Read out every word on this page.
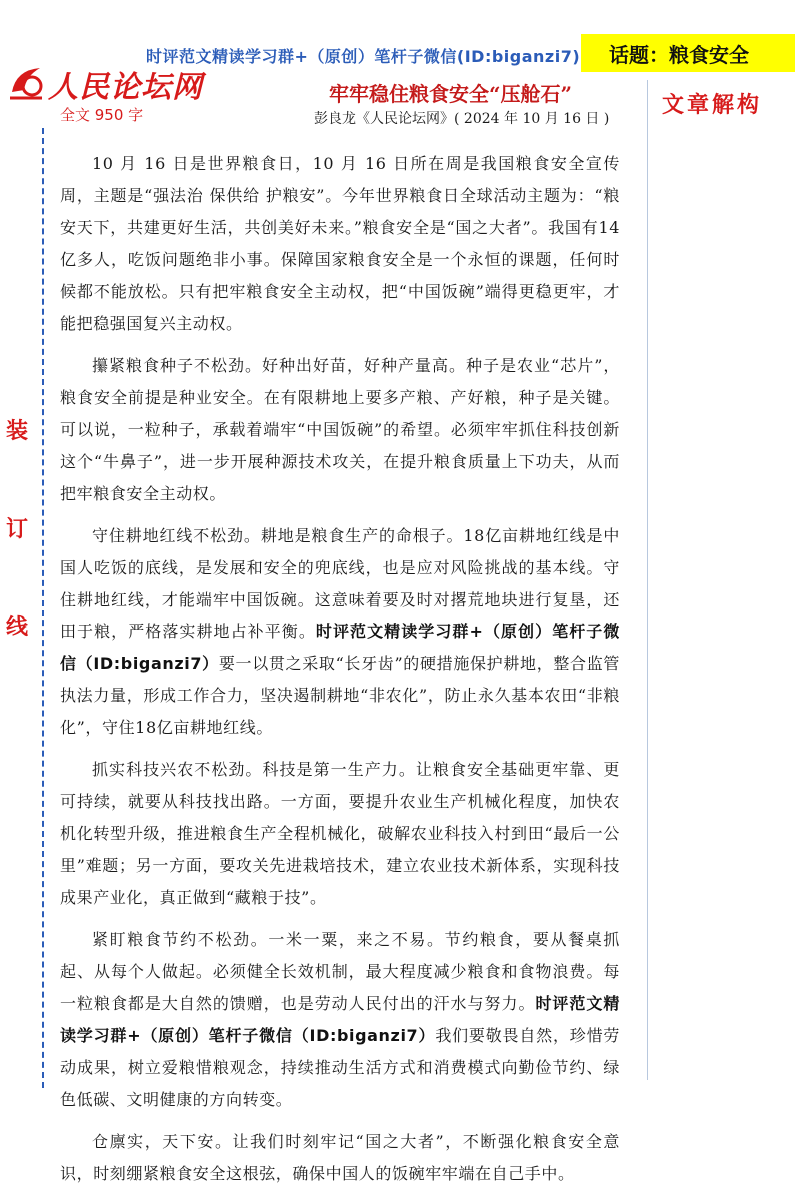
时评范文精读学习群+（原创）笔杆子微信(ID:biganzi7)	话题：粮食安全
人民论坛网
全文 950 字	文章解构
牢牢稳住粮食安全“压舱石”
彭良龙《人民论坛网》( 2024 年 10 月 16 日 )
装
订
线

10 月 16 日是世界粮食日，10 月 16 日所在周是我国粮食安全宣传周，主题是“强法治 保供给 护粮安”。今年世界粮食日全球活动主题为：“粮安天下，共建更好生活，共创美好未来。”粮食安全是“国之大者”。我国有14亿多人，吃饭问题绝非小事。保障国家粮食安全是一个永恒的课题，任何时候都不能放松。只有把牢粮食安全主动权，把“中国饭碗”端得更稳更牢，才能把稳强国复兴主动权。

攥紧粮食种子不松劲。好种出好苗，好种产量高。种子是农业“芯片”，粮食安全前提是种业安全。在有限耕地上要多产粮、产好粮，种子是关键。可以说，一粒种子，承载着端牢“中国饭碗”的希望。必须牢牢抓住科技创新这个“牛鼻子”，进一步开展种源技术攻关，在提升粮食质量上下功夫，从而把牢粮食安全主动权。

守住耕地红线不松劲。耕地是粮食生产的命根子。18亿亩耕地红线是中国人吃饭的底线，是发展和安全的兜底线，也是应对风险挑战的基本线。守住耕地红线，才能端牢中国饭碗。这意味着要及时对撂荒地块进行复垦，还田于粮，严格落实耕地占补平衡。时评范文精读学习群+（原创）笔杆子微信（ID:biganzi7）要一以贯之采取“长牙齿”的硬措施保护耕地，整合监管执法力量，形成工作合力，坚决遏制耕地“非农化”，防止永久基本农田“非粮化”，守住18亿亩耕地红线。

抓实科技兴农不松劲。科技是第一生产力。让粮食安全基础更牢靠、更可持续，就要从科技找出路。一方面，要提升农业生产机械化程度，加快农机化转型升级，推进粮食生产全程机械化，破解农业科技入村到田“最后一公里”难题；另一方面，要攻关先进栽培技术，建立农业技术新体系，实现科技成果产业化，真正做到“藏粮于技”。

紧盯粮食节约不松劲。一米一粟，来之不易。节约粮食，要从餐桌抓起、从每个人做起。必须健全长效机制，最大程度减少粮食和食物浪费。每一粒粮食都是大自然的馈赠，也是劳动人民付出的汗水与努力。时评范文精读学习群+（原创）笔杆子微信（ID:biganzi7）我们要敬畏自然，珍惜劳动成果，树立爱粮惜粮观念，持续推动生活方式和消费模式向勤俭节约、绿色低碳、文明健康的方向转变。

仓廪实，天下安。让我们时刻牢记“国之大者”，不断强化粮食安全意识，时刻绷紧粮食安全这根弦，确保中国人的饭碗牢牢端在自己手中。
